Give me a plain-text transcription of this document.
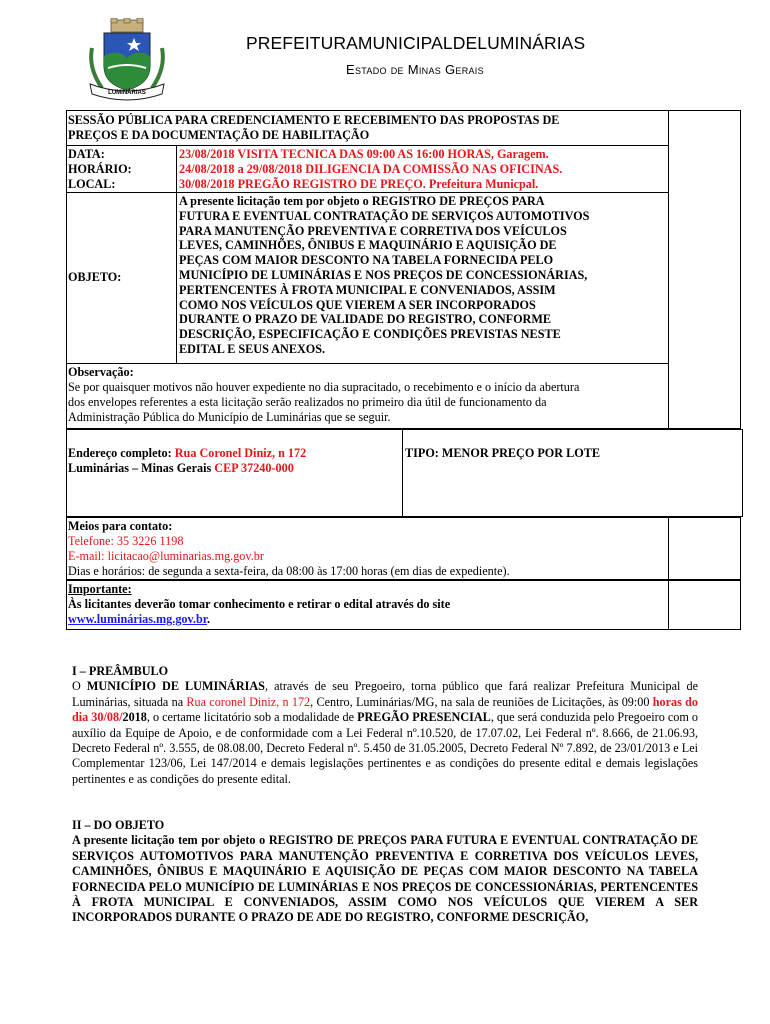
LUMINÁRIAS
PREFEITURAMUNICIPALDELUMINÁRIAS
Estado de Minas Gerais
SESSÃO PÚBLICA PARA CREDENCIAMENTO E RECEBIMENTO DAS PROPOSTAS DE
PREÇOS E DA DOCUMENTAÇÃO DE HABILITAÇÃO
DATA:	23/08/2018 VISITA TECNICA DAS 09:00 AS 16:00 HORAS, Garagem.
HORÁRIO:	24/08/2018 a 29/08/2018 DILIGENCIA DA COMISSÃO NAS OFICINAS.
LOCAL:	30/08/2018 PREGÃO REGISTRO DE PREÇO. Prefeitura Municpal.
OBJETO:
A presente licitação tem por objeto o REGISTRO DE PREÇOS PARA
FUTURA E EVENTUAL CONTRATAÇÃO DE SERVIÇOS AUTOMOTIVOS
PARA MANUTENÇÃO PREVENTIVA E CORRETIVA DOS VEÍCULOS
LEVES, CAMINHÕES, ÔNIBUS E MAQUINÁRIO E AQUISIÇÃO DE
PEÇAS COM MAIOR DESCONTO NA TABELA FORNECIDA PELO
MUNICÍPIO DE LUMINÁRIAS E NOS PREÇOS DE CONCESSIONÁRIAS,
PERTENCENTES À FROTA MUNICIPAL E CONVENIADOS, ASSIM
COMO NOS VEÍCULOS QUE VIEREM A SER INCORPORADOS
DURANTE O PRAZO DE VALIDADE DO REGISTRO, CONFORME
DESCRIÇÃO, ESPECIFICAÇÃO E CONDIÇÕES PREVISTAS NESTE
EDITAL E SEUS ANEXOS.
Observação:
Se por quaisquer motivos não houver expediente no dia supracitado, o recebimento e o início da abertura
dos envelopes referentes a esta licitação serão realizados no primeiro dia útil de funcionamento da
Administração Pública do Município de Luminárias que se seguir.
Endereço completo: Rua Coronel Diniz, n 172
Luminárias – Minas Gerais CEP 37240-000
TIPO: MENOR PREÇO POR LOTE
Meios para contato:
Telefone: 35 3226 1198
E-mail: licitacao@luminarias.mg.gov.br
Dias e horários: de segunda a sexta-feira, da 08:00 às 17:00 horas (em dias de expediente).
Importante:
Às licitantes deverão tomar conhecimento e retirar o edital através do site
www.luminárias.mg.gov.br.

I – PREÂMBULO

O MUNICÍPIO DE LUMINÁRIAS, através de seu Pregoeiro, torna público que fará realizar Prefeitura Municipal de Luminárias, situada na Rua coronel Diniz, n 172, Centro, Luminárias/MG, na sala de reuniões de Licitações, às 09:00 horas do dia 30/08/2018, o certame licitatório sob a modalidade de PREGÃO PRESENCIAL, que será conduzida pelo Pregoeiro com o auxílio da Equipe de Apoio, e de conformidade com a Lei Federal nº.10.520, de 17.07.02, Lei Federal nº. 8.666, de 21.06.93, Decreto Federal nº. 3.555, de 08.08.00, Decreto Federal nº. 5.450 de 31.05.2005, Decreto Federal Nº 7.892, de 23/01/2013 e Lei Complementar 123/06, Lei 147/2014 e demais legislações pertinentes e as condições do presente edital e demais legislações pertinentes e as condições do presente edital.

II – DO OBJETO

A presente licitação tem por objeto o REGISTRO DE PREÇOS PARA FUTURA E EVENTUAL CONTRATAÇÃO DE SERVIÇOS AUTOMOTIVOS PARA MANUTENÇÃO PREVENTIVA E CORRETIVA DOS VEÍCULOS LEVES, CAMINHÕES, ÔNIBUS E MAQUINÁRIO E AQUISIÇÃO DE PEÇAS COM MAIOR DESCONTO NA TABELA FORNECIDA PELO MUNICÍPIO DE LUMINÁRIAS E NOS PREÇOS DE CONCESSIONÁRIAS, PERTENCENTES À FROTA MUNICIPAL E CONVENIADOS, ASSIM COMO NOS VEÍCULOS QUE VIEREM A SER INCORPORADOS DURANTE O PRAZO DE ADE DO REGISTRO, CONFORME DESCRIÇÃO,
